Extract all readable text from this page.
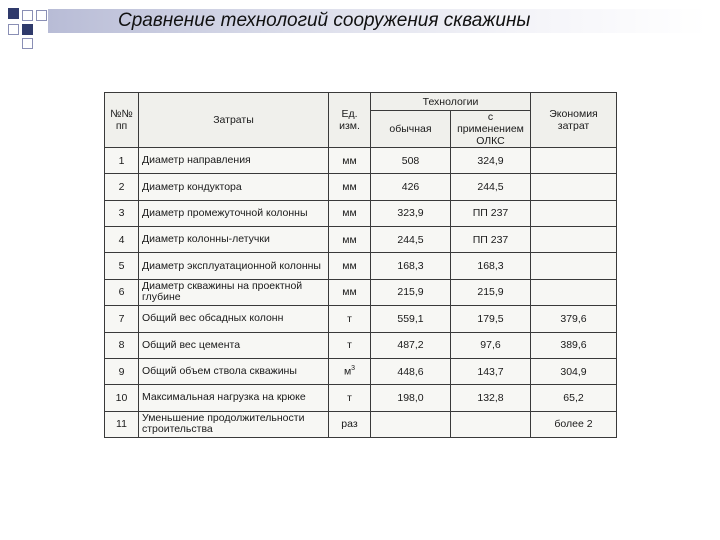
Сравнение технологий сооружения скважины
№№ пп	Затраты	Ед. изм.	Технологии		Экономия затрат
			обычная	с применением ОЛКС	
1	Диаметр направления	мм	508	324,9	
2	Диаметр кондуктора	мм	426	244,5	
3	Диаметр промежуточной колонны	мм	323,9	ПП 237	
4	Диаметр колонны-летучки	мм	244,5	ПП 237	
5	Диаметр эксплуатационной колонны	мм	168,3	168,3	
6	Диаметр скважины на проектной глубине	мм	215,9	215,9	
7	Общий вес обсадных колонн	т	559,1	179,5	379,6
8	Общий вес цемента	т	487,2	97,6	389,6
9	Общий объем ствола скважины	$м^3$	448,6	143,7	304,9
10	Максимальная нагрузка на крюке	т	198,0	132,8	65,2
11	Уменьшение продолжительности строительства	раз			более 2
